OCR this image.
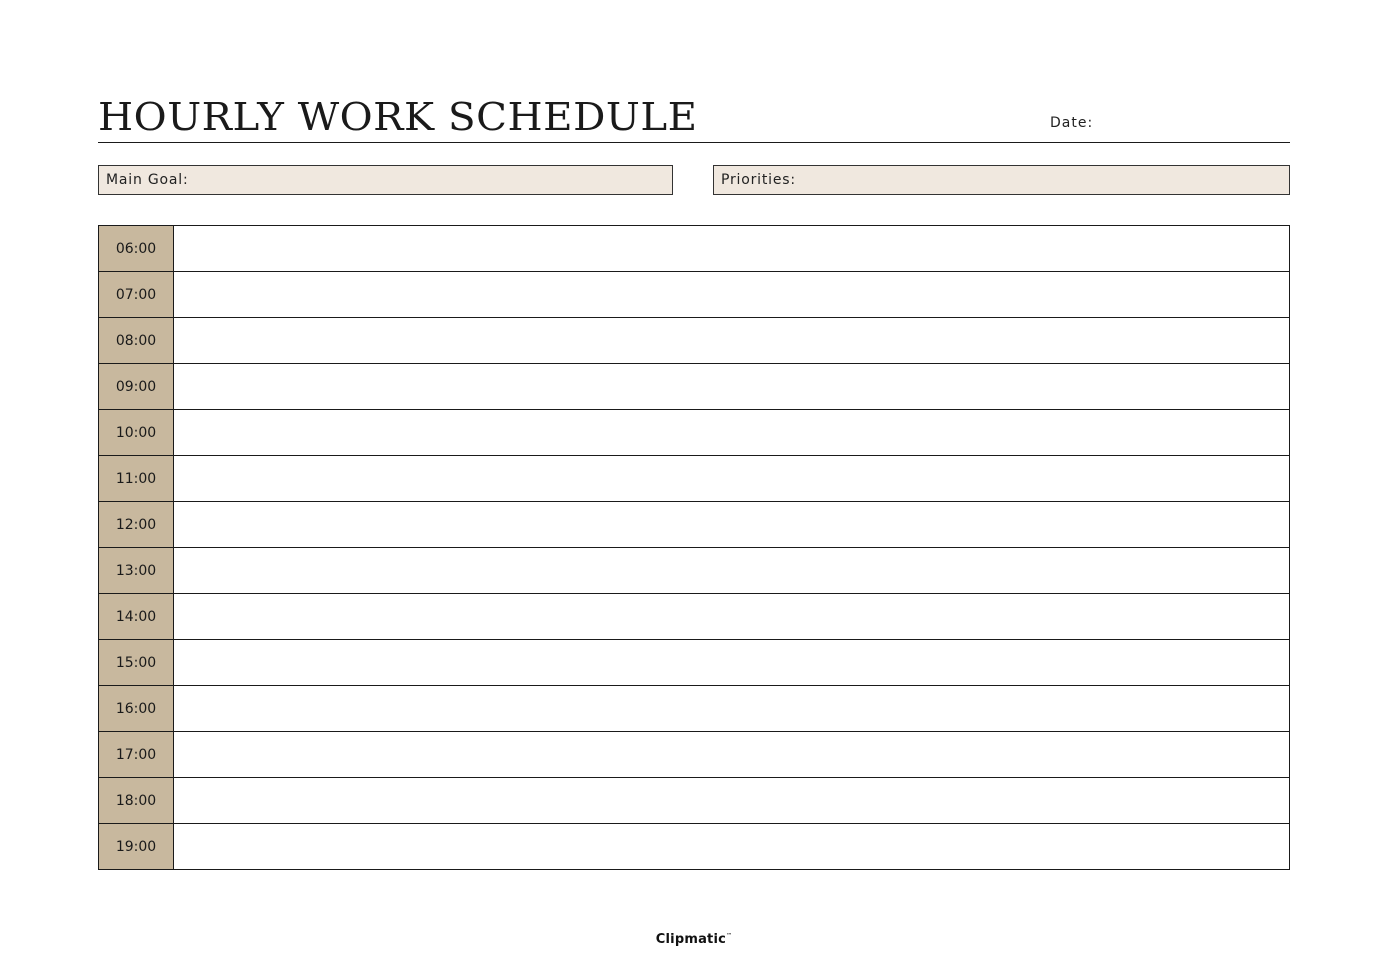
HOURLY WORK SCHEDULE	Date:
Main Goal:	Priorities:
06:00
07:00
08:00
09:00
10:00
11:00
12:00
13:00
14:00
15:00
16:00
17:00
18:00
19:00
Clipmatic™
